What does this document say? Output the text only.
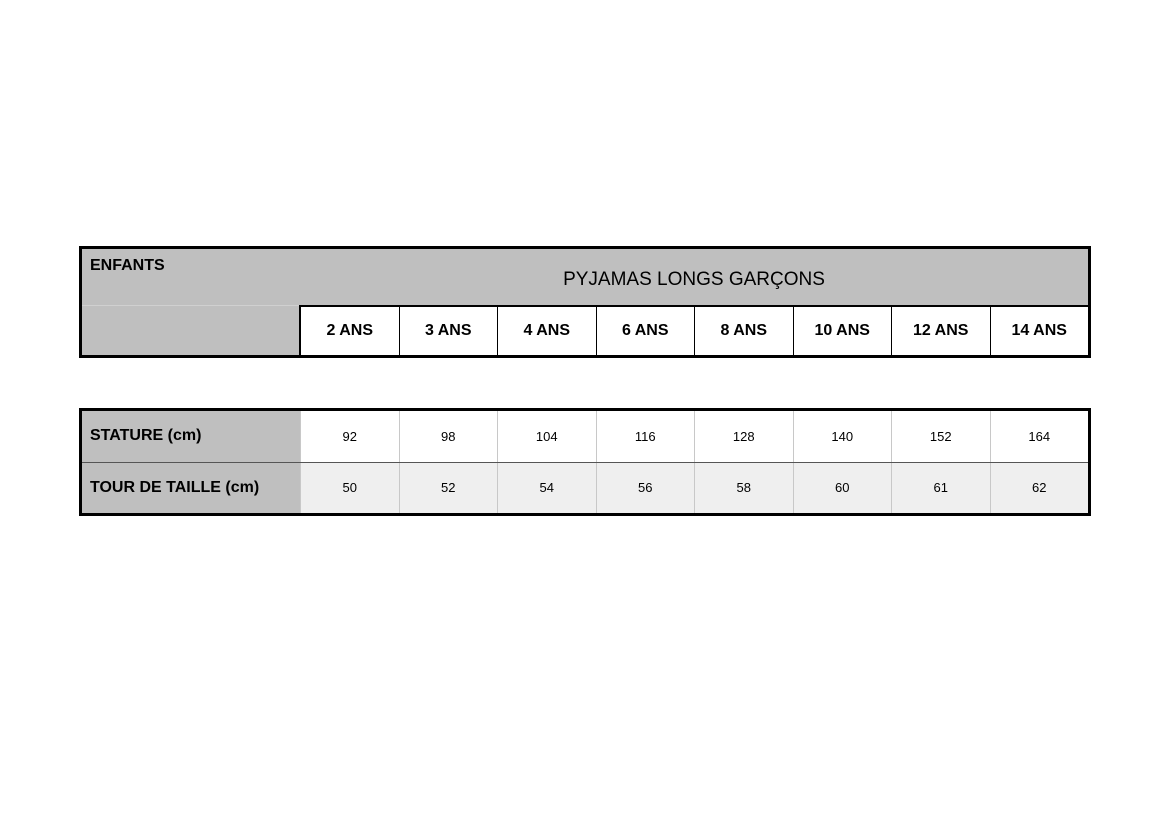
ENFANTS
PYJAMAS LONGS GARÇONS
2 ANS	3 ANS	4 ANS	6 ANS	8 ANS	10 ANS	12 ANS	14 ANS
STATURE (cm)	92	98	104	116	128	140	152	164
TOUR DE TAILLE (cm)	50	52	54	56	58	60	61	62
